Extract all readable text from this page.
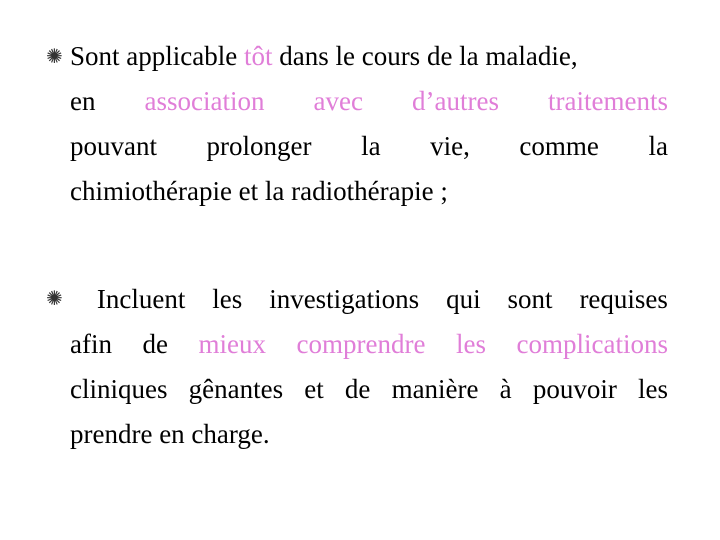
✺ Sont applicable tôt dans le cours de la maladie,
en association avec d’autres traitements
pouvant prolonger la vie, comme la
chimiothérapie et la radiothérapie ;
✺ Incluent les investigations qui sont requises
afin de mieux comprendre les complications
cliniques gênantes et de manière à pouvoir les
prendre en charge.
